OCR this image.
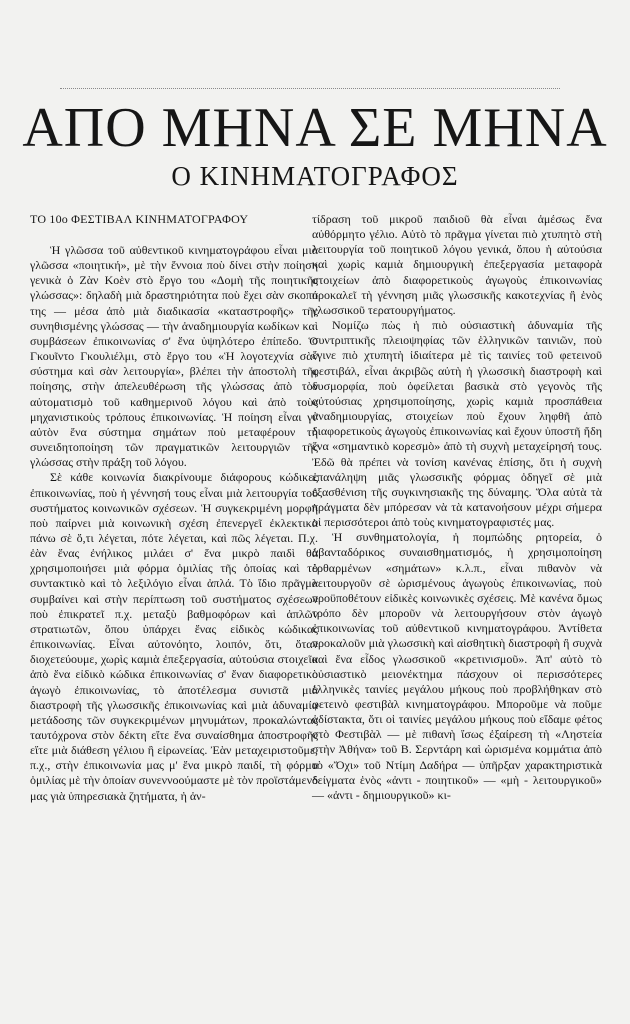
ΑΠΟ ΜΗΝΑ ΣΕ ΜΗΝΑ
Ο ΚΙΝΗΜΑΤΟΓΡΑΦΟΣ
ΤΟ 10ο ΦΕΣΤΙΒΑΛ ΚΙΝΗΜΑΤΟΓΡΑΦΟΥ

Ἡ γλῶσσα τοῦ αὐθεντικοῦ κινηματογράφου εἶναι μιὰ γλῶσσα «ποιητική», μὲ τὴν ἔννοια ποὺ δίνει στὴν ποίηση γενικὰ ὁ Ζὰν Κοὲν στὸ ἔργο του «Δομὴ τῆς ποιητικῆς γλώσσας»: δηλαδὴ μιὰ δραστηριότητα ποὺ ἔχει σὰν σκοπό της — μέσα ἀπὸ μιὰ διαδικασία «καταστροφῆς» τῆς συνηθισμένης γλώσσας — τὴν ἀναδημιουργία κωδίκων καὶ συμβάσεων ἐπικοινωνίας σ' ἕνα ὑψηλότερο ἐπίπεδο. Ὁ Γκουῖντο Γκουλιέλμι, στὸ ἔργο του «Ἡ λογοτεχνία σὰν σύστημα καὶ σὰν λειτουργία», βλέπει τὴν ἀποστολὴ τῆς ποίησης, στὴν ἀπελευθέρωση τῆς γλώσσας ἀπὸ τὸν αὐτοματισμὸ τοῦ καθημερινοῦ λόγου καὶ ἀπὸ τοὺς μηχανιστικοὺς τρόπους ἐπικοινωνίας. Ἡ ποίηση εἶναι γι' αὐτὸν ἕνα σύστημα σημάτων ποὺ μεταφέρουν τὴ συνειδητοποίηση τῶν πραγματικῶν λειτουργιῶν τῆς γλώσσας στὴν πράξη τοῦ λόγου.

Σὲ κάθε κοινωνία διακρίνουμε διάφορους κώδικες ἐπικοινωνίας, ποὺ ἡ γέννησή τους εἶναι μιὰ λειτουργία τοῦ συστήματος κοινωνικῶν σχέσεων. Ἡ συγκεκριμένη μορφὴ ποὺ παίρνει μιὰ κοινωνικὴ σχέση ἐπενεργεῖ ἐκλεκτικὰ πάνω σὲ ὅ,τι λέγεται, πότε λέγεται, καὶ πῶς λέγεται. Π.χ. ἐὰν ἕνας ἐνήλικος μιλάει σ' ἕνα μικρὸ παιδὶ θὰ χρησιμοποιήσει μιὰ φόρμα ὁμιλίας τῆς ὁποίας καὶ τὸ συντακτικὸ καὶ τὸ λεξιλόγιο εἶναι ἁπλά. Τὸ ἴδιο πρᾶγμα συμβαίνει καὶ στὴν περίπτωση τοῦ συστήματος σχέσεων ποὺ ἐπικρατεῖ π.χ. μεταξὺ βαθμοφόρων καὶ ἁπλῶν στρατιωτῶν, ὅπου ὑπάρχει ἕνας εἰδικὸς κώδικας ἐπικοινωνίας. Εἶναι αὐτονόητο, λοιπόν, ὅτι, ὅταν διοχετεύουμε, χωρὶς καμιὰ ἐπεξεργασία, αὐτούσια στοιχεῖα ἀπὸ ἕνα εἰδικὸ κώδικα ἐπικοινωνίας σ' ἕναν διαφορετικὸ ἀγωγὸ ἐπικοινωνίας, τὸ ἀποτέλεσμα συνιστᾶ μιὰ διαστροφὴ τῆς γλωσσικῆς ἐπικοινωνίας καὶ μιὰ ἀδυναμία μετάδοσης τῶν συγκεκριμένων μηνυμάτων, προκαλώντας ταυτόχρονα στὸν δέκτη εἴτε ἕνα συναίσθημα ἀποστροφῆς εἴτε μιὰ διάθεση γέλιου ἢ εἰρωνείας. Ἐὰν μεταχειριστοῦμε, π.χ., στὴν ἐπικοινωνία μας μ' ἕνα μικρὸ παιδί, τὴ φόρμα ὁμιλίας μὲ τὴν ὁποίαν συνεννοούμαστε μὲ τὸν προϊστάμενό μας γιὰ ὑπηρεσιακὰ ζητήματα, ἡ ἀν-

τίδραση τοῦ μικροῦ παιδιοῦ θὰ εἶναι ἀμέσως ἕνα αὐθόρμητο γέλιο. Αὐτὸ τὸ πρᾶγμα γίνεται πιὸ χτυπητὸ στὴ λειτουργία τοῦ ποιητικοῦ λόγου γενικά, ὅπου ἡ αὐτούσια καὶ χωρὶς καμιὰ δημιουργικὴ ἐπεξεργασία μεταφορὰ στοιχείων ἀπὸ διαφορετικοὺς ἀγωγοὺς ἐπικοινωνίας προκαλεῖ τὴ γέννηση μιᾶς γλωσσικῆς κακοτεχνίας ἢ ἑνὸς γλωσσικοῦ τερατουργήματος.

Νομίζω πὼς ἡ πιὸ οὐσιαστικὴ ἀδυναμία τῆς συντριπτικῆς πλειοψηφίας τῶν ἑλληνικῶν ταινιῶν, ποὺ ἔγινε πιὸ χτυπητὴ ἰδιαίτερα μὲ τὶς ταινίες τοῦ φετεινοῦ φεστιβάλ, εἶναι ἀκριβῶς αὐτὴ ἡ γλωσσικὴ διαστροφὴ καὶ δυσμορφία, ποὺ ὀφείλεται βασικὰ στὸ γεγονὸς τῆς αὐτούσιας χρησιμοποίησης, χωρὶς καμιὰ προσπάθεια ἀναδημιουργίας, στοιχείων ποὺ ἔχουν ληφθῆ ἀπὸ διαφορετικοὺς ἀγωγοὺς ἐπικοινωνίας καὶ ἔχουν ὑποστῆ ἤδη ἕνα «σημαντικὸ κορεσμὸ» ἀπὸ τὴ συχνὴ μεταχείρησή τους. Ἐδῶ θὰ πρέπει νὰ τονίση κανένας ἐπίσης, ὅτι ἡ συχνὴ ἐπανάληψη μιᾶς γλωσσικῆς φόρμας ὁδηγεῖ σὲ μιὰ ἐξασθένιση τῆς συγκινησιακῆς της δύναμης. Ὅλα αὐτὰ τὰ πράγματα δὲν μπόρεσαν νὰ τὰ κατανοήσουν μέχρι σήμερα οἱ περισσότεροι ἀπὸ τοὺς κινηματογραφιστές μας.

Ἡ συνθηματολογία, ἡ πομπώδης ρητορεία, ὁ ἀβανταδόρικος συναισθηματισμός, ἡ χρησιμοποίηση ἐρθαρμένων «σημάτων» κ.λ.π., εἶναι πιθανὸν νὰ λειτουργοῦν σὲ ὡρισμένους ἀγωγοὺς ἐπικοινωνίας, ποὺ προϋποθέτουν εἰδικὲς κοινωνικὲς σχέσεις. Μὲ κανένα ὅμως τρόπο δὲν μποροῦν νὰ λειτουργήσουν στὸν ἀγωγὸ ἐπικοινωνίας τοῦ αὐθεντικοῦ κινηματογράφου. Ἀντίθετα προκαλοῦν μιὰ γλωσσικὴ καὶ αἰσθητικὴ διαστροφὴ ἢ συχνὰ καὶ ἕνα εἶδος γλωσσικοῦ «κρετινισμοῦ». Ἀπ' αὐτὸ τὸ οὐσιαστικὸ μειονέκτημα πάσχουν οἱ περισσότερες ἑλληνικὲς ταινίες μεγάλου μήκους ποὺ προβλήθηκαν στὸ φετεινὸ φεστιβὰλ κινηματογράφου. Μποροῦμε νὰ ποῦμε ἀδίστακτα, ὅτι οἱ ταινίες μεγάλου μήκους ποὺ εἴδαμε φέτος στὸ Φεστιβὰλ — μὲ πιθανὴ ἴσως ἐξαίρεση τὴ «Ληστεία στὴν Ἀθήνα» τοῦ Β. Σερντάρη καὶ ὡρισμένα κομμάτια ἀπὸ τὸ «Ὄχι» τοῦ Ντίμη Δαδήρα — ὑπῆρξαν χαρακτηριστικὰ δείγματα ἑνὸς «ἀντι - ποιητικοῦ» — «μὴ - λειτουργικοῦ» — «ἀντι - δημιουργικοῦ» κι-
